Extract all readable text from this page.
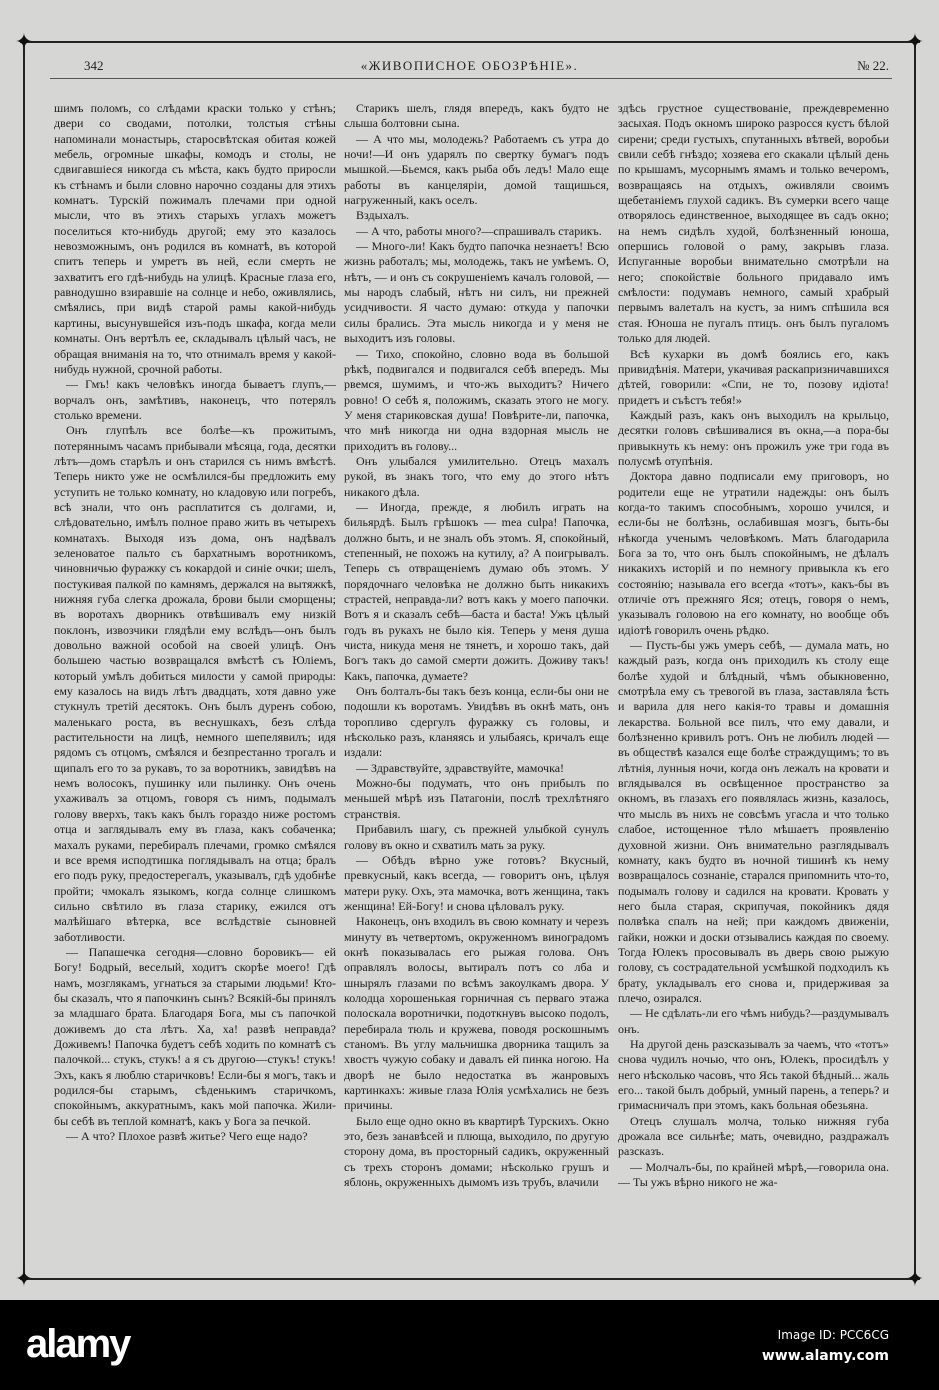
✦	✦
✦	✦
342	«ЖИВОПИСНОЕ ОБОЗРѢНIЕ».	№ 22.

шимъ поломъ, со слѣдами краски только у стѣнъ; двери со сводами, потолки, толстыя стѣны напоминали монастырь, старосвѣтская обитая кожей мебель, огромные шкафы, комодъ и столы, не сдвигавшiеся никогда съ мѣста, какъ будто приросли къ стѣнамъ и были словно нарочно созданы для этихъ комнатъ. Турскiй пожималъ плечами при одной мысли, что въ этихъ старыхъ углахъ можетъ поселиться кто-нибудь другой; ему это казалось невозможнымъ, онъ родился въ комнатѣ, въ которой спитъ теперь и умретъ въ ней, если смерть не захватитъ его гдѣ-нибудь на улицѣ. Красные глаза его, равнодушно взиравшiе на солнце и небо, оживлялись, смѣялись, при видѣ старой рамы какой-нибудь картины, высунувшейся изъ-подъ шкафа, когда мели комнаты. Онъ вертѣлъ ее, складывалъ цѣлый часъ, не обращая вниманiя на то, что отнималъ время у какой-нибудь нужной, срочной работы.

— Гмъ! какъ человѣкъ иногда бываетъ глупъ,— ворчалъ онъ, замѣтивъ, наконецъ, что потерялъ столько времени.

Онъ глупѣлъ все болѣе—къ прожитымъ, потеряннымъ часамъ прибывали мѣсяца, года, десятки лѣтъ—домъ старѣлъ и онъ старился съ нимъ вмѣстѣ. Теперь никто уже не осмѣлился-бы предложить ему уступить не только комнату, но кладовую или погребъ, всѣ знали, что онъ расплатится съ долгами, и, слѣдовательно, имѣлъ полное право жить въ четырехъ комнатахъ. Выходя изъ дома, онъ надѣвалъ зеленоватое пальто съ бархатнымъ воротникомъ, чиновничью фуражку съ кокардой и синiе очки; шелъ, постукивая палкой по камнямъ, держался на вытяжкѣ, нижняя губа слегка дрожала, брови были сморщены; въ воротахъ дворникъ отвѣшивалъ ему низкiй поклонъ, извозчики глядѣли ему вслѣдъ—онъ былъ довольно важной особой на своей улицѣ. Онъ большею частью возвращался вмѣстѣ съ Юлiемъ, который умѣлъ добиться милости у самой природы: ему казалось на видъ лѣтъ двадцать, хотя давно уже стукнулъ третiй десятокъ. Онъ былъ дуренъ собою, маленькаго роста, въ веснушкахъ, безъ слѣда растительности на лицѣ, немного шепелявилъ; идя рядомъ съ отцомъ, смѣялся и безпрестанно трогалъ и щипалъ его то за рукавъ, то за воротникъ, завидѣвъ на немъ волосокъ, пушинку или пылинку. Онъ очень ухаживалъ за отцомъ, говоря съ нимъ, подымалъ голову вверхъ, такъ какъ былъ гораздо ниже ростомъ отца и заглядывалъ ему въ глаза, какъ собаченка; махалъ руками, перебиралъ плечами, громко смѣялся и все время исподтишка поглядывалъ на отца; бралъ его подъ руку, предостерегалъ, указывалъ, гдѣ удобнѣе пройти; чмокалъ языкомъ, когда солнце слишкомъ сильно свѣтило въ глаза старику, ежился отъ малѣйшаго вѣтерка, все вслѣдствiе сыновней заботливости.

— Папашечка сегодня—словно боровикъ— ей Богу! Бодрый, веселый, ходитъ скорѣе моего! Гдѣ намъ, мозглякамъ, угнаться за старыми людьми! Кто-бы сказалъ, что я папочкинъ сынъ? Всякiй-бы принялъ за младшаго брата. Благодаря Бога, мы съ папочкой доживемъ до ста лѣтъ. Ха, ха! развѣ неправда? Доживемъ! Папочка будетъ себѣ ходить по комнатѣ съ палочкой... стукъ, стукъ! а я съ другою—стукъ! стукъ! Эхъ, какъ я люблю старичковъ! Если-бы я могъ, такъ и родился-бы старымъ, сѣденькимъ старичкомъ, спокойнымъ, аккуратнымъ, какъ мой папочка. Жили-бы себѣ въ теплой комнатѣ, какъ у Бога за печкой.

— А что? Плохое развѣ житье? Чего еще надо?

Старикъ шелъ, глядя впередъ, какъ будто не слыша болтовни сына.

— А что мы, молодежь? Работаемъ съ утра до ночи!—И онъ ударялъ по свертку бумагъ подъ мышкой.—Бьемся, какъ рыба объ ледъ! Мало еще работы въ канцелярiи, домой тащишься, нагруженный, какъ оселъ.

Вздыхалъ.

— А что, работы много?—спрашивалъ старикъ.

— Много-ли! Какъ будто папочка незнаетъ! Всю жизнь работалъ; мы, молодежь, такъ не умѣемъ. О, нѣтъ, — и онъ съ сокрушенiемъ качалъ головой, — мы народъ слабый, нѣтъ ни силъ, ни прежней усидчивости. Я часто думаю: откуда у папочки силы брались. Эта мысль никогда и у меня не выходитъ изъ головы.

— Тихо, спокойно, словно вода въ большой рѣкѣ, подвигался и подвигался себѣ впередъ. Мы рвемся, шумимъ, и что-жъ выходитъ? Ничего ровно! О себѣ я, положимъ, сказать этого не могу. У меня стариковская душа! Повѣрите-ли, папочка, что мнѣ никогда ни одна вздорная мысль не приходитъ въ голову...

Онъ улыбался умилительно. Отецъ махалъ рукой, въ знакъ того, что ему до этого нѣтъ никакого дѣла.

— Иногда, прежде, я любилъ играть на бильярдѣ. Былъ грѣшокъ — mea culpa! Папочка, должно быть, и не зналъ объ этомъ. Я, спокойный, степенный, не похожъ на кутилу, а? А поигрывалъ. Теперь съ отвращенiемъ думаю объ этомъ. У порядочнаго человѣка не должно быть никакихъ страстей, неправда-ли? вотъ какъ у моего папочки. Вотъ я и сказалъ себѣ—баста и баста! Ужъ цѣлый годъ въ рукахъ не было кiя. Теперь у меня душа чиста, никуда меня не тянетъ, и хорошо такъ, дай Богъ такъ до самой смерти дожить. Доживу такъ! Какъ, папочка, думаете?

Онъ болталъ-бы такъ безъ конца, если-бы они не подошли къ воротамъ. Увидѣвъ въ окнѣ мать, онъ торопливо сдергулъ фуражку съ головы, и нѣсколько разъ, кланяясь и улыбаясь, кричалъ еще издали:

— Здравствуйте, здравствуйте, мамочка!

Можно-бы подумать, что онъ прибылъ по меньшей мѣрѣ изъ Патагонiи, послѣ трехлѣтняго странствiя.

Прибавилъ шагу, съ прежней улыбкой сунулъ голову въ окно и схватилъ мать за руку.

— Обѣдъ вѣрно уже готовъ? Вкусный, превкусный, какъ всегда, — говоритъ онъ, цѣлуя матери руку. Охъ, эта мамочка, вотъ женщина, такъ женщина! Ей-Богу! и снова цѣловалъ руку.

Наконецъ, онъ входилъ въ свою комнату и черезъ минуту въ четвертомъ, окруженномъ виноградомъ окнѣ показывалась его рыжая голова. Онъ оправлялъ волосы, вытиралъ потъ со лба и шнырялъ глазами по всѣмъ закоулкамъ двора. У колодца хорошенькая горничная съ перваго этажа полоскала воротнички, подоткнувъ высоко подолъ, перебирала тюль и кружева, поводя роскошнымъ станомъ. Въ углу мальчишка дворника тащилъ за хвостъ чужую собаку и давалъ ей пинка ногою. На дворѣ не было недостатка въ жанровыхъ картинкахъ: живые глаза Юлiя усмѣхались не безъ причины.

Было еще одно окно въ квартирѣ Турскихъ. Окно это, безъ занавѣсей и плюща, выходило, по другую сторону дома, въ просторный садикъ, окруженный съ трехъ сторонъ домами; нѣсколько грушъ и яблонь, окруженныхъ дымомъ изъ трубъ, влачили

здѣсь грустное существованiе, преждевременно засыхая. Подъ окномъ широко разросся кустъ бѣлой сирени; среди густыхъ, спутанныхъ вѣтвей, воробьи свили себѣ гнѣздо; хозяева его скакали цѣлый день по крышамъ, мусорнымъ ямамъ и только вечеромъ, возвращаясь на отдыхъ, оживляли своимъ щебетанiемъ глухой садикъ. Въ сумерки всего чаще отворялось единственное, выходящее въ садъ окно; на немъ сидѣлъ худой, болѣзненный юноша, опершись головой о раму, закрывъ глаза. Испуганные воробьи внимательно смотрѣли на него; спокойствiе больного придавало имъ смѣлости: подумавъ немного, самый храбрый первымъ валеталъ на кустъ, за нимъ спѣшила вся стая. Юноша не пугалъ птицъ. онъ былъ пугаломъ только для людей.

Всѣ кухарки въ домѣ боялись его, какъ привидѣнiя. Матери, укачивая раскапризничавшихся дѣтей, говорили: «Спи, не то, позову идiота! придетъ и съѣстъ тебя!»

Каждый разъ, какъ онъ выходилъ на крыльцо, десятки головъ свѣшивалися въ окна,—а пора-бы привыкнуть къ нему: онъ прожилъ уже три года въ полусмѣ отупѣнiя.

Доктора давно подписали ему приговоръ, но родители еще не утратили надежды: онъ былъ когда-то такимъ способнымъ, хорошо учился, и если-бы не болѣзнь, ослабившая мозгъ, быть-бы нѣкогда ученымъ человѣкомъ. Мать благодарила Бога за то, что онъ былъ спокойнымъ, не дѣлалъ никакихъ исторiй и по немногу привыкла къ его состоянiю; называла его всегда «тотъ», какъ-бы въ отличiе отъ прежняго Яся; отецъ, говоря о немъ, указывалъ головою на его комнату, но вообще объ идiотѣ говорилъ очень рѣдко.

— Пусть-бы ужъ умеръ себѣ, — думала мать, но каждый разъ, когда онъ приходилъ къ столу еще болѣе худой и блѣдный, чѣмъ обыкновенно, смотрѣла ему съ тревогой въ глаза, заставляла ѣсть и варила для него какiя-то травы и домашнiя лекарства. Больной все пилъ, что ему давали, и болѣзненно кривилъ ротъ. Онъ не любилъ людей — въ обществѣ казался еще болѣе страждущимъ; то въ лѣтнiя, лунныя ночи, когда онъ лежалъ на кровати и вглядывался въ освѣщенное пространство за окномъ, въ глазахъ его появлялась жизнь, казалось, что мысль въ нихъ не совсѣмъ угасла и что только слабое, истощенное тѣло мѣшаетъ проявленiю духовной жизни. Онъ внимательно разглядывалъ комнату, какъ будто въ ночной тишинѣ къ нему возвращалось сознанiе, старался припомнить что-то, подымалъ голову и садился на кровати. Кровать у него была старая, скрипучая, покойникъ дядя полвѣка спалъ на ней; при каждомъ движенiи, гайки, ножки и доски отзывались каждая по своему. Тогда Юлекъ просовывалъ въ дверь свою рыжую голову, съ сострадательной усмѣшкой подходилъ къ брату, укладывалъ его снова и, придерживая за плечо, озирался.

— Не сдѣлать-ли его чѣмъ нибудь?—раздумывалъ онъ.

На другой день разсказывалъ за чаемъ, что «тотъ» снова чудилъ ночью, что онъ, Юлекъ, просидѣлъ у него нѣсколько часовъ, что Ясь такой бѣдный... жаль его... такой былъ добрый, умный парень, а теперь? и гримасничалъ при этомъ, какъ больная обезьяна.

Отецъ слушалъ молча, только нижняя губа дрожала все сильнѣе; мать, очевидно, раздражалъ разсказъ.

— Молчалъ-бы, по крайней мѣрѣ,—говорила она. — Ты ужъ вѣрно никого не жа-

alamy	Image ID: PCC6CG
www.alamy.com
